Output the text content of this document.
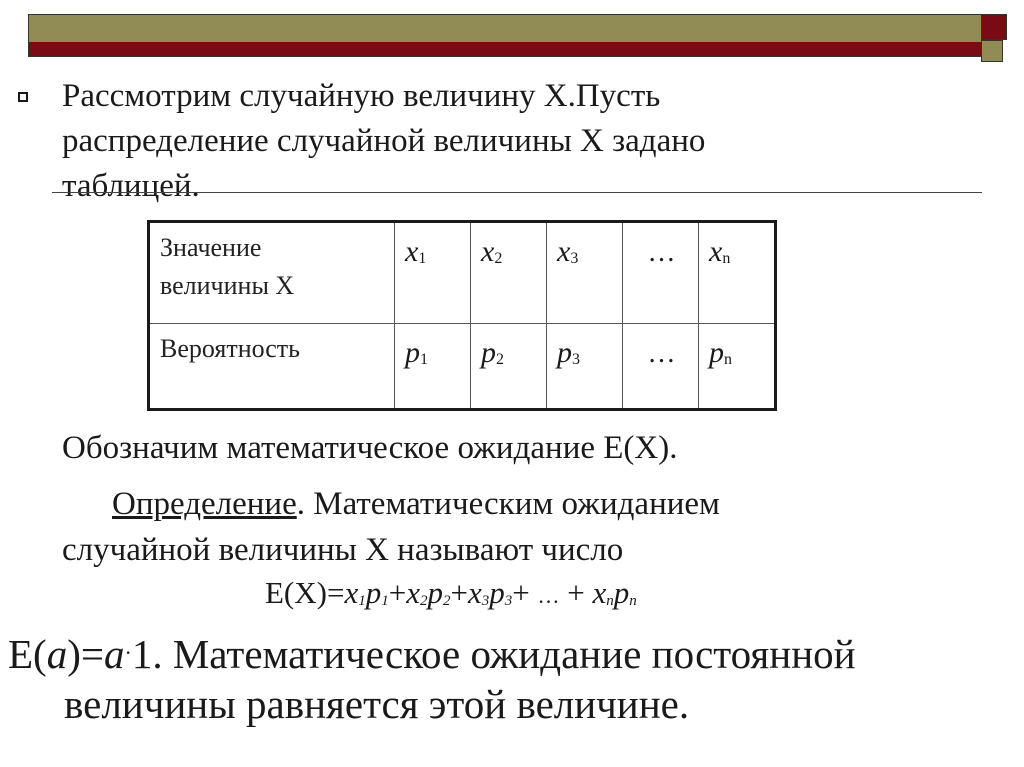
Рассмотрим случайную величину X.Пусть
распределение случайной величины X задано
таблицей.
Значение
величины X	$x_1$	$x_2$	$x_3$	…	$x_n$
Вероятность	$p_1$	$p_2$	$p_3$	…	$p_n$
Обозначим математическое ожидание E(X).
Определение. Математическим ожиданием
случайной величины X называют число
$E(X)=x_1p_1+x_2p_2+x_3p_3+$ … + $x_np_n$
E(a)=a·1. Математическое ожидание постоянной
величины равняется этой величине.
